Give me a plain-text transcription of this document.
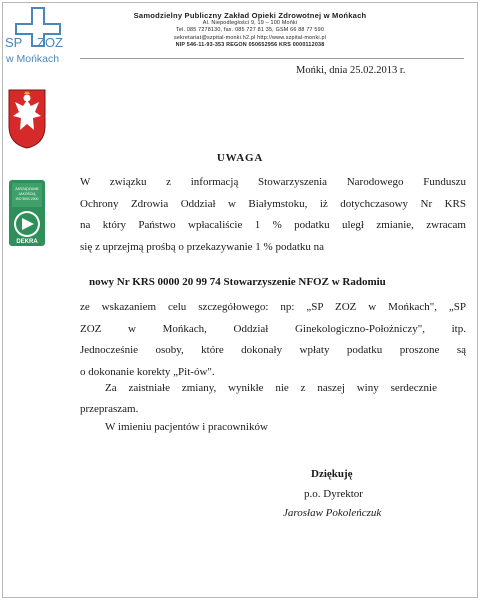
SP ZOZ
w Mońkach
Samodzielny Publiczny Zakład Opieki Zdrowotnej w Mońkach
Al. Niepodległości 9, 19 – 100 Mońki
Tel. 085 7278130, fax. 085 727 81 35, GSM 66 88 77 590
sekretariat@szpital-monki.h2.pl http://www.szpital-monki.pl
NIP 546-11-93-353 REGON 050652956 KRS 0000112038
Mońki, dnia 25.02.2013 r.
ZARZĄDZANIE
JAKOŚCIĄ
ISO 9001:2000
DEKRA
UWAGA
W związku z informacją Stowarzyszenia Narodowego Funduszu
Ochrony Zdrowia Oddział w Białymstoku, iż dotychczasowy Nr KRS
na który Państwo wpłacaliście 1 % podatku uległ zmianie, zwracam
się z uprzejmą prośbą o przekazywanie 1 % podatku na
nowy Nr KRS 0000 20 99 74 Stowarzyszenie NFOZ w Radomiu
ze wskazaniem celu szczegółowego: np: „SP ZOZ w Mońkach", „SP
ZOZ w Mońkach, Oddział Ginekologiczno-Położniczy", itp.
Jednocześnie osoby, które dokonały wpłaty podatku proszone są
o dokonanie korekty „Pit-ów".
Za zaistniałe zmiany, wynikłe nie z naszej winy serdecznie
przepraszam.
W imieniu pacjentów i pracowników
Dziękuję
p.o. Dyrektor
Jarosław Pokoleńczuk
